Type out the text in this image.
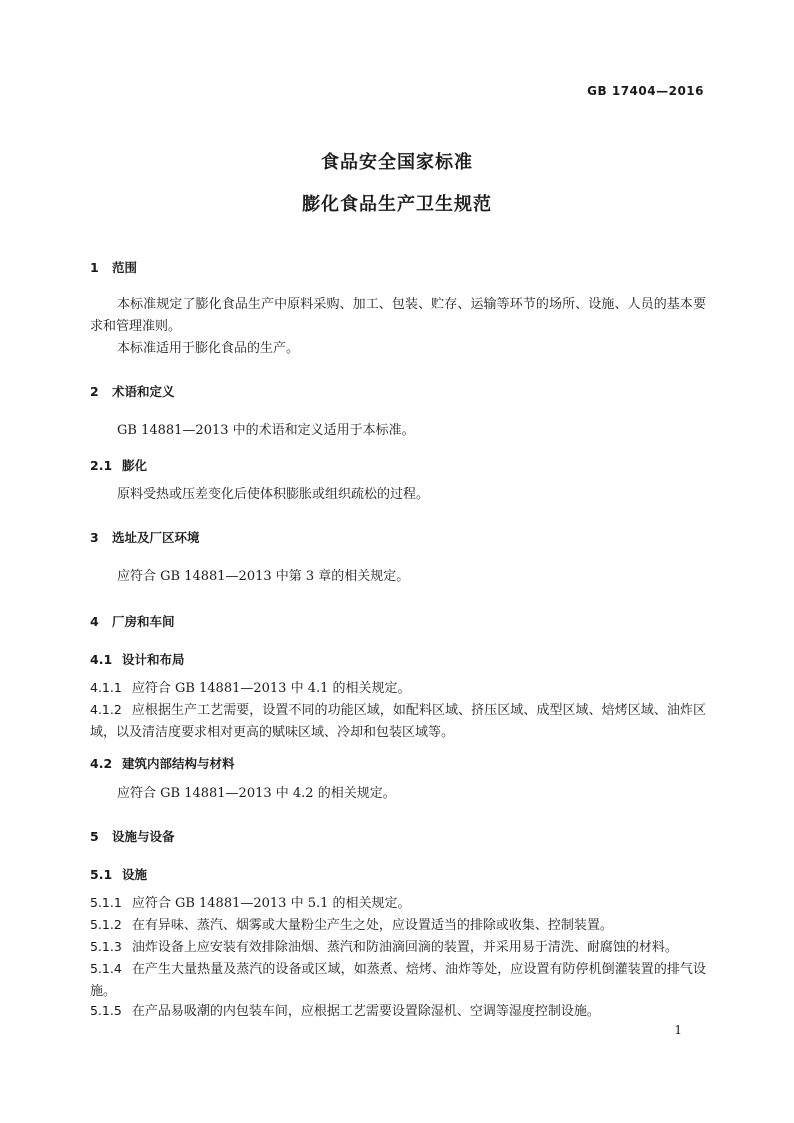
GB 17404—2016
食品安全国家标准
膨化食品生产卫生规范
1 范围
本标准规定了膨化食品生产中原料采购、加工、包装、贮存、运输等环节的场所、设施、人员的基本要求和管理准则。
本标准适用于膨化食品的生产。
2 术语和定义
GB 14881—2013 中的术语和定义适用于本标准。
2.1 膨化
原料受热或压差变化后使体积膨胀或组织疏松的过程。
3 选址及厂区环境
应符合 GB 14881—2013 中第 3 章的相关规定。
4 厂房和车间
4.1 设计和布局
4.1.1 应符合 GB 14881—2013 中 4.1 的相关规定。
4.1.2 应根据生产工艺需要，设置不同的功能区域，如配料区域、挤压区域、成型区域、焙烤区域、油炸区域，以及清洁度要求相对更高的赋味区域、冷却和包装区域等。
4.2 建筑内部结构与材料
应符合 GB 14881—2013 中 4.2 的相关规定。
5 设施与设备
5.1 设施
5.1.1 应符合 GB 14881—2013 中 5.1 的相关规定。
5.1.2 在有异味、蒸汽、烟雾或大量粉尘产生之处，应设置适当的排除或收集、控制装置。
5.1.3 油炸设备上应安装有效排除油烟、蒸汽和防油滴回滴的装置，并采用易于清洗、耐腐蚀的材料。
5.1.4 在产生大量热量及蒸汽的设备或区域，如蒸煮、焙烤、油炸等处，应设置有防停机倒灌装置的排气设施。
5.1.5 在产品易吸潮的内包装车间，应根据工艺需要设置除湿机、空调等湿度控制设施。
1
